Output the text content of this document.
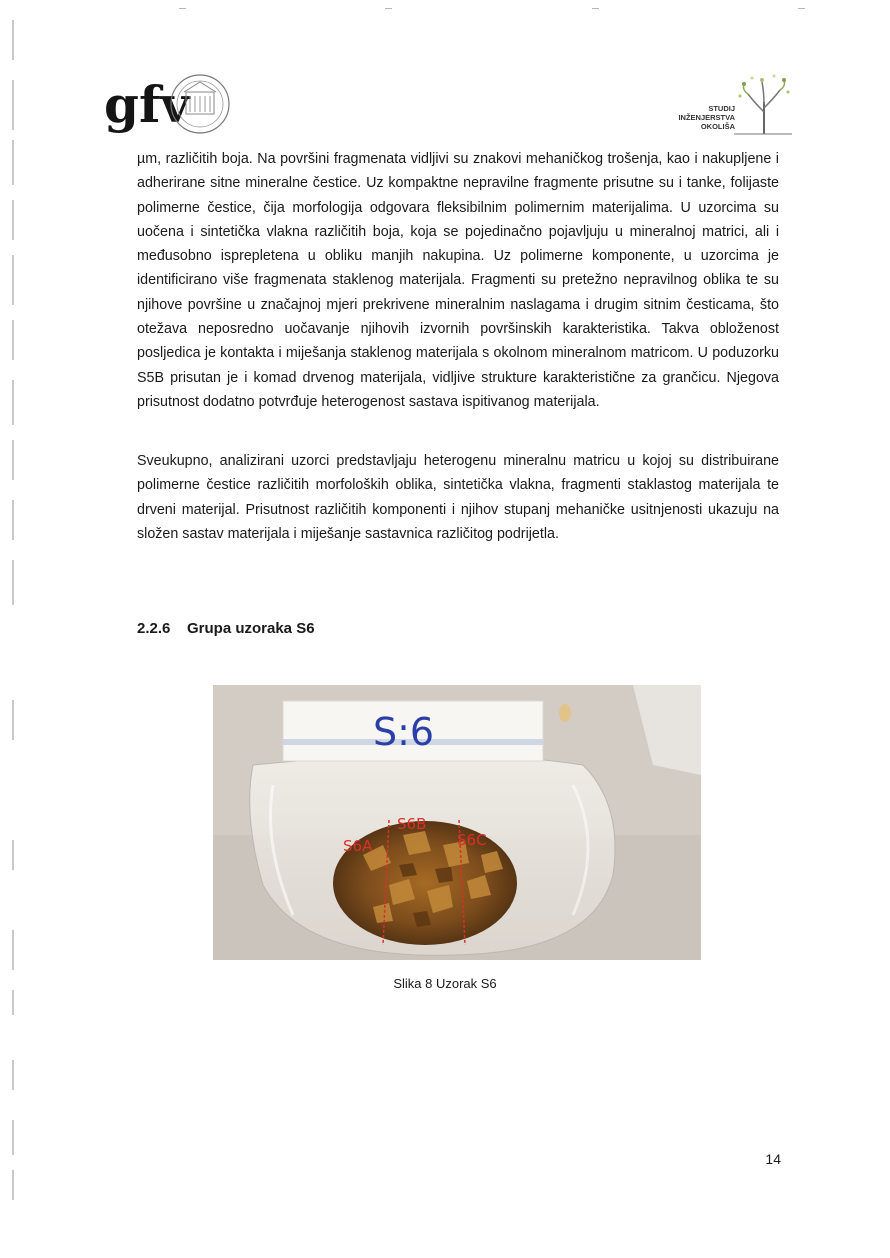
gfv	STUDIJ
INŽENJERSTVA
OKOLIŠA

µm, različitih boja. Na površini fragmenata vidljivi su znakovi mehaničkog trošenja, kao i nakupljene i adherirane sitne mineralne čestice. Uz kompaktne nepravilne fragmente prisutne su i tanke, folijaste polimerne čestice, čija morfologija odgovara fleksibilnim polimernim materijalima. U uzorcima su uočena i sintetička vlakna različitih boja, koja se pojedinačno pojavljuju u mineralnoj matrici, ali i međusobno isprepletena u obliku manjih nakupina. Uz polimerne komponente, u uzorcima je identificirano više fragmenata staklenog materijala. Fragmenti su pretežno nepravilnog oblika te su njihove površine u značajnoj mjeri prekrivene mineralnim naslagama i drugim sitnim česticama, što otežava neposredno uočavanje njihovih izvornih površinskih karakteristika. Takva obloženost posljedica je kontakta i miješanja staklenog materijala s okolnom mineralnom matricom. U poduzorku S5B prisutan je i komad drvenog materijala, vidljive strukture karakteristične za grančicu. Njegova prisutnost dodatno potvrđuje heterogenost sastava ispitivanog materijala.

Sveukupno, analizirani uzorci predstavljaju heterogenu mineralnu matricu u kojoj su distribuirane polimerne čestice različitih morfoloških oblika, sintetička vlakna, fragmenti staklastog materijala te drveni materijal. Prisutnost različitih komponenti i njihov stupanj mehaničke usitnjenosti ukazuju na složen sastav materijala i miješanje sastavnica različitog podrijetla.

2.2.6 Grupa uzoraka S6
S:6
S6A
S6B
S6C
Slika 8 Uzorak S6
14
